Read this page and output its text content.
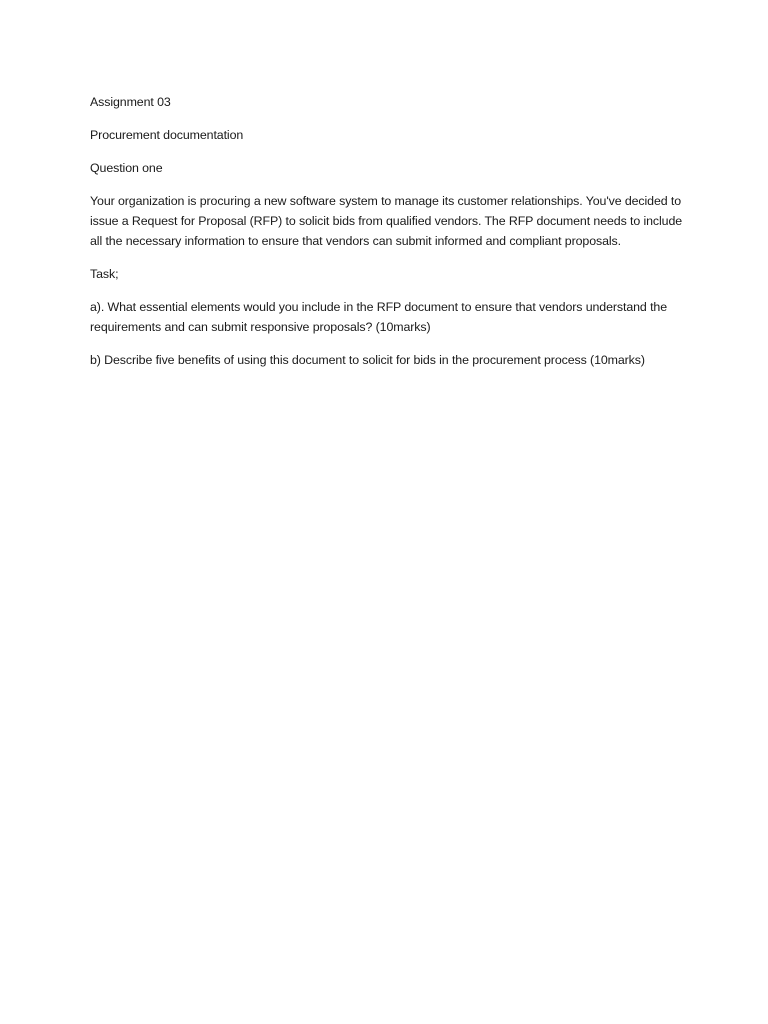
Assignment 03

Procurement documentation

Question one

Your organization is procuring a new software system to manage its customer relationships. You've decided to issue a Request for Proposal (RFP) to solicit bids from qualified vendors. The RFP document needs to include all the necessary information to ensure that vendors can submit informed and compliant proposals.

Task;

a). What essential elements would you include in the RFP document to ensure that vendors understand the requirements and can submit responsive proposals? (10marks)

b) Describe five benefits of using this document to solicit for bids in the procurement process (10marks)
